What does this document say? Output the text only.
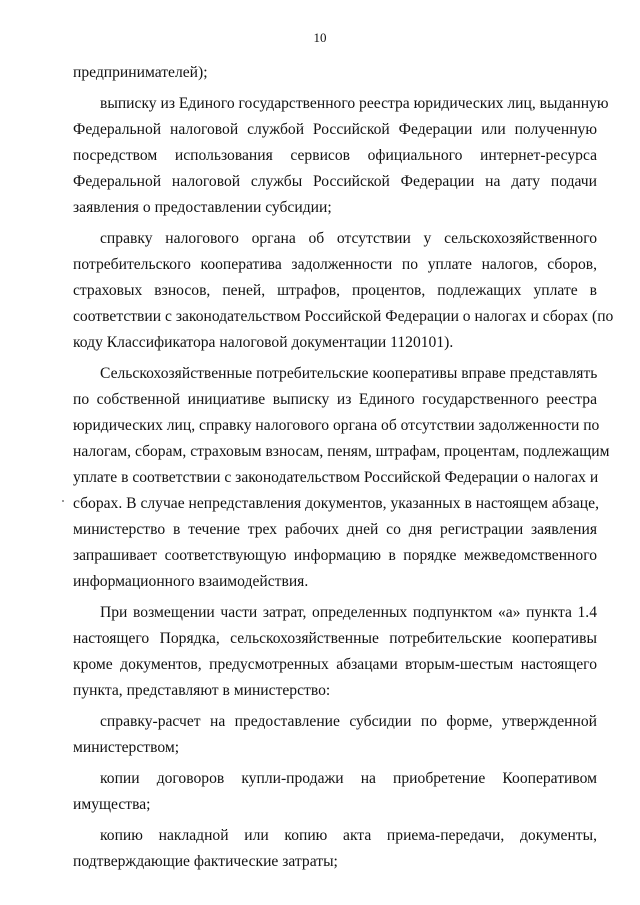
10
предпринимателей);
выписку из Единого государственного реестра юридических лиц, выданную
Федеральной налоговой службой Российской Федерации или полученную
посредством использования сервисов официального интернет-ресурса
Федеральной налоговой службы Российской Федерации на дату подачи
заявления о предоставлении субсидии;
справку налогового органа об отсутствии у сельскохозяйственного
потребительского кооператива задолженности по уплате налогов, сборов,
страховых взносов, пеней, штрафов, процентов, подлежащих уплате в
соответствии с законодательством Российской Федерации о налогах и сборах (по
коду Классификатора налоговой документации 1120101).
Сельскохозяйственные потребительские кооперативы вправе представлять
по собственной инициативе выписку из Единого государственного реестра
юридических лиц, справку налогового органа об отсутствии задолженности по
налогам, сборам, страховым взносам, пеням, штрафам, процентам, подлежащим
уплате в соответствии с законодательством Российской Федерации о налогах и
сборах. В случае непредставления документов, указанных в настоящем абзаце,
министерство в течение трех рабочих дней со дня регистрации заявления
запрашивает соответствующую информацию в порядке межведомственного
информационного взаимодействия.
При возмещении части затрат, определенных подпунктом «а» пункта 1.4
настоящего Порядка, сельскохозяйственные потребительские кооперативы
кроме документов, предусмотренных абзацами вторым-шестым настоящего
пункта, представляют в министерство:
справку-расчет на предоставление субсидии по форме, утвержденной
министерством;
копии договоров купли-продажи на приобретение Кооперативом
имущества;
копию накладной или копию акта приема-передачи, документы,
подтверждающие фактические затраты;
